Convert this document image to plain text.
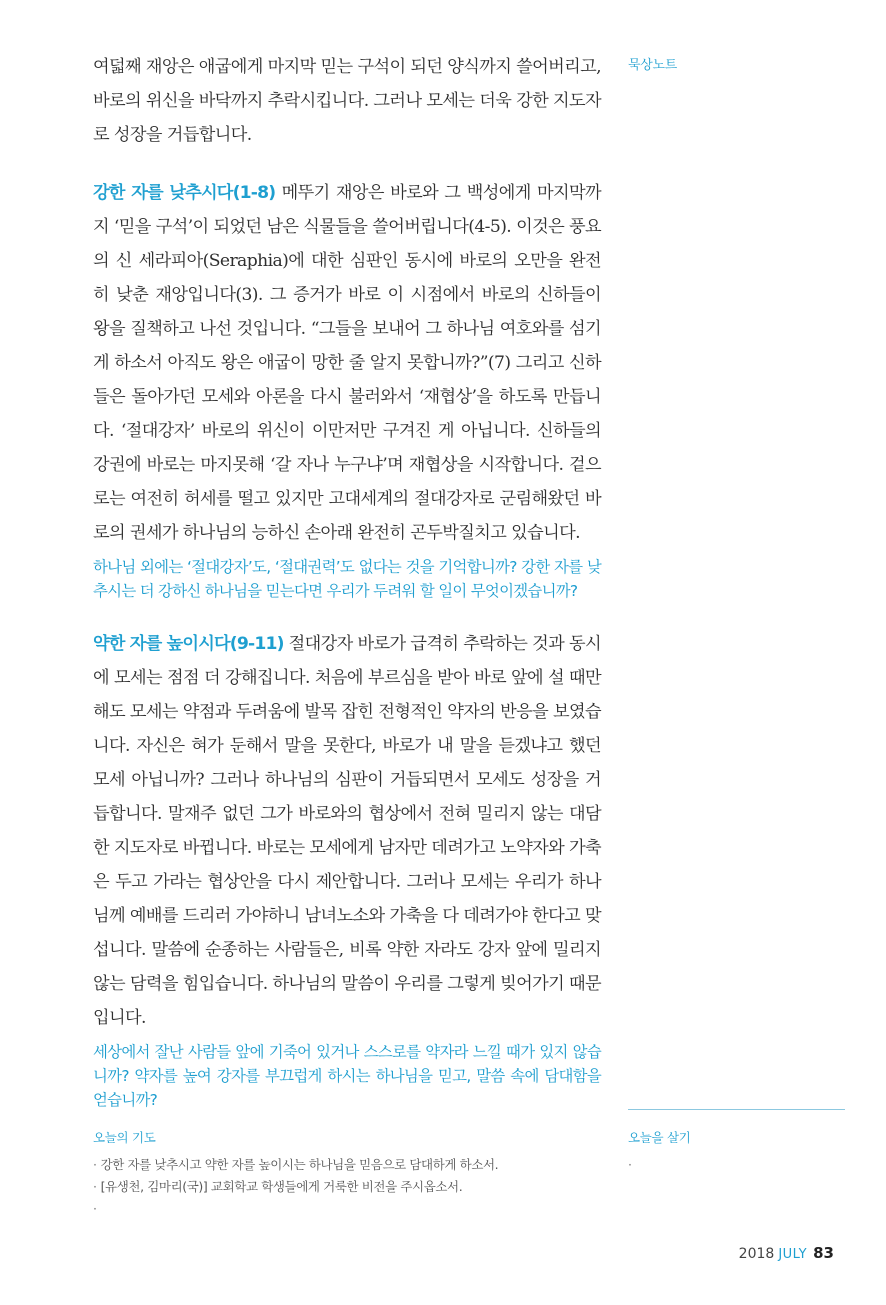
묵상노트

여덟째 재앙은 애굽에게 마지막 믿는 구석이 되던 양식까지 쓸어버리고, 바로의 위신을 바닥까지 추락시킵니다. 그러나 모세는 더욱 강한 지도자로 성장을 거듭합니다.

강한 자를 낮추시다(1-8) 메뚜기 재앙은 바로와 그 백성에게 마지막까지 ‘믿을 구석’이 되었던 남은 식물들을 쓸어버립니다(4-5). 이것은 풍요의 신 세라피아(Seraphia)에 대한 심판인 동시에 바로의 오만을 완전히 낮춘 재앙입니다(3). 그 증거가 바로 이 시점에서 바로의 신하들이 왕을 질책하고 나선 것입니다. “그들을 보내어 그 하나님 여호와를 섬기게 하소서 아직도 왕은 애굽이 망한 줄 알지 못합니까?”(7) 그리고 신하들은 돌아가던 모세와 아론을 다시 불러와서 ‘재협상’을 하도록 만듭니다. ‘절대강자’ 바로의 위신이 이만저만 구겨진 게 아닙니다. 신하들의 강권에 바로는 마지못해 ‘갈 자나 누구냐’며 재협상을 시작합니다. 겉으로는 여전히 허세를 떨고 있지만 고대세계의 절대강자로 군림해왔던 바로의 권세가 하나님의 능하신 손아래 완전히 곤두박질치고 있습니다.

하나님 외에는 ‘절대강자’도, ‘절대권력’도 없다는 것을 기억합니까? 강한 자를 낮추시는 더 강하신 하나님을 믿는다면 우리가 두려워 할 일이 무엇이겠습니까?

약한 자를 높이시다(9-11) 절대강자 바로가 급격히 추락하는 것과 동시에 모세는 점점 더 강해집니다. 처음에 부르심을 받아 바로 앞에 설 때만 해도 모세는 약점과 두려움에 발목 잡힌 전형적인 약자의 반응을 보였습니다. 자신은 혀가 둔해서 말을 못한다, 바로가 내 말을 듣겠냐고 했던 모세 아닙니까? 그러나 하나님의 심판이 거듭되면서 모세도 성장을 거듭합니다. 말재주 없던 그가 바로와의 협상에서 전혀 밀리지 않는 대담한 지도자로 바뀝니다. 바로는 모세에게 남자만 데려가고 노약자와 가축은 두고 가라는 협상안을 다시 제안합니다. 그러나 모세는 우리가 하나님께 예배를 드리러 가야하니 남녀노소와 가축을 다 데려가야 한다고 맞섭니다. 말씀에 순종하는 사람들은, 비록 약한 자라도 강자 앞에 밀리지 않는 담력을 힘입습니다. 하나님의 말씀이 우리를 그렇게 빚어가기 때문입니다.

세상에서 잘난 사람들 앞에 기죽어 있거나 스스로를 약자라 느낄 때가 있지 않습니까? 약자를 높여 강자를 부끄럽게 하시는 하나님을 믿고, 말씀 속에 담대함을 얻습니까?

오늘의 기도
· 강한 자를 낮추시고 약한 자를 높이시는 하나님을 믿음으로 담대하게 하소서.
· [유생천, 김마리(국)] 교회학교 학생들에게 거룩한 비전을 주시옵소서.
·
오늘을 살기
·
2018 JULY 83
